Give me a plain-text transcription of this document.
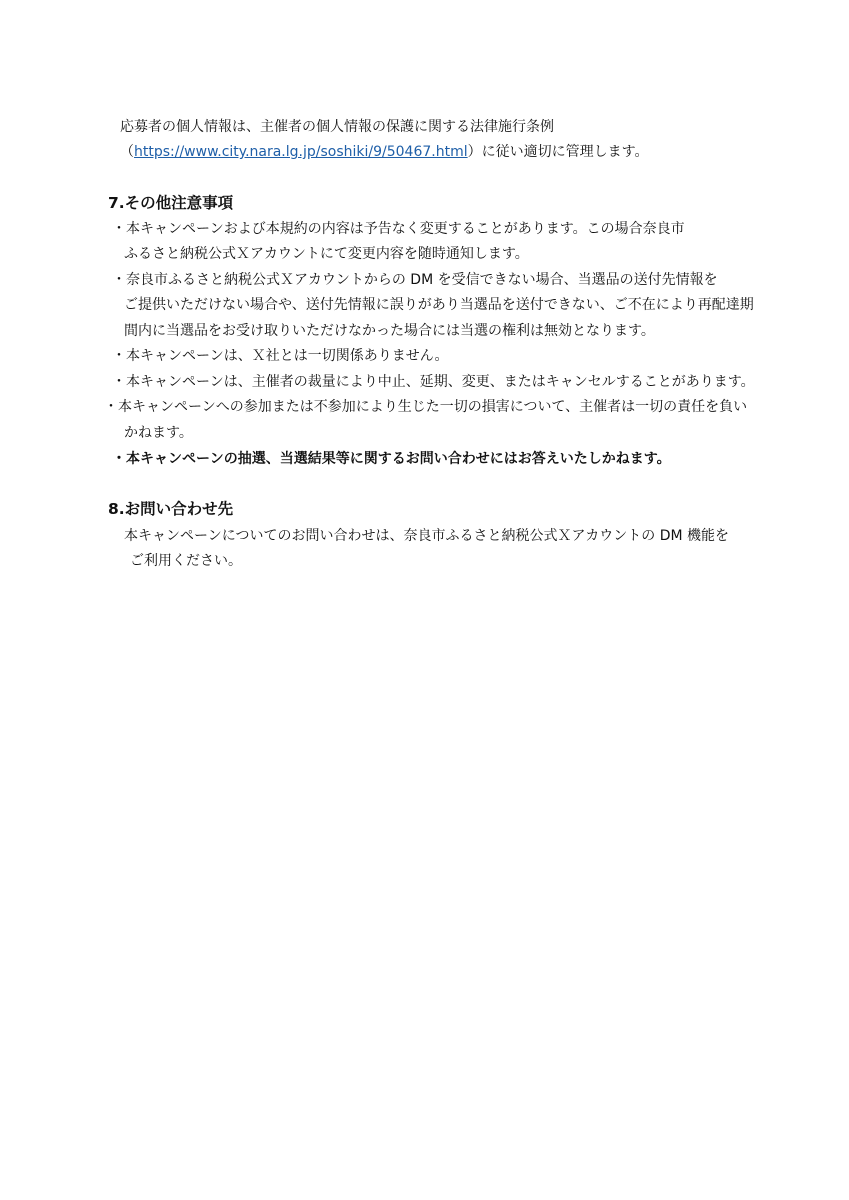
応募者の個人情報は、主催者の個人情報の保護に関する法律施行条例
（https://www.city.nara.lg.jp/soshiki/9/50467.html）に従い適切に管理します。
7.その他注意事項
・本キャンペーンおよび本規約の内容は予告なく変更することがあります。この場合奈良市
ふるさと納税公式Ｘアカウントにて変更内容を随時通知します。
・奈良市ふるさと納税公式Ｘアカウントからの DM を受信できない場合、当選品の送付先情報を
ご提供いただけない場合や、送付先情報に誤りがあり当選品を送付できない、ご不在により再配達期
間内に当選品をお受け取りいただけなかった場合には当選の権利は無効となります。
・本キャンペーンは、Ｘ社とは一切関係ありません。
・本キャンペーンは、主催者の裁量により中止、延期、変更、またはキャンセルすることがあります。
・本キャンペーンへの参加または不参加により生じた一切の損害について、主催者は一切の責任を負い
かねます。
・本キャンペーンの抽選、当選結果等に関するお問い合わせにはお答えいたしかねます。
8.お問い合わせ先
本キャンペーンについてのお問い合わせは、奈良市ふるさと納税公式Ｘアカウントの DM 機能を
ご利用ください。
